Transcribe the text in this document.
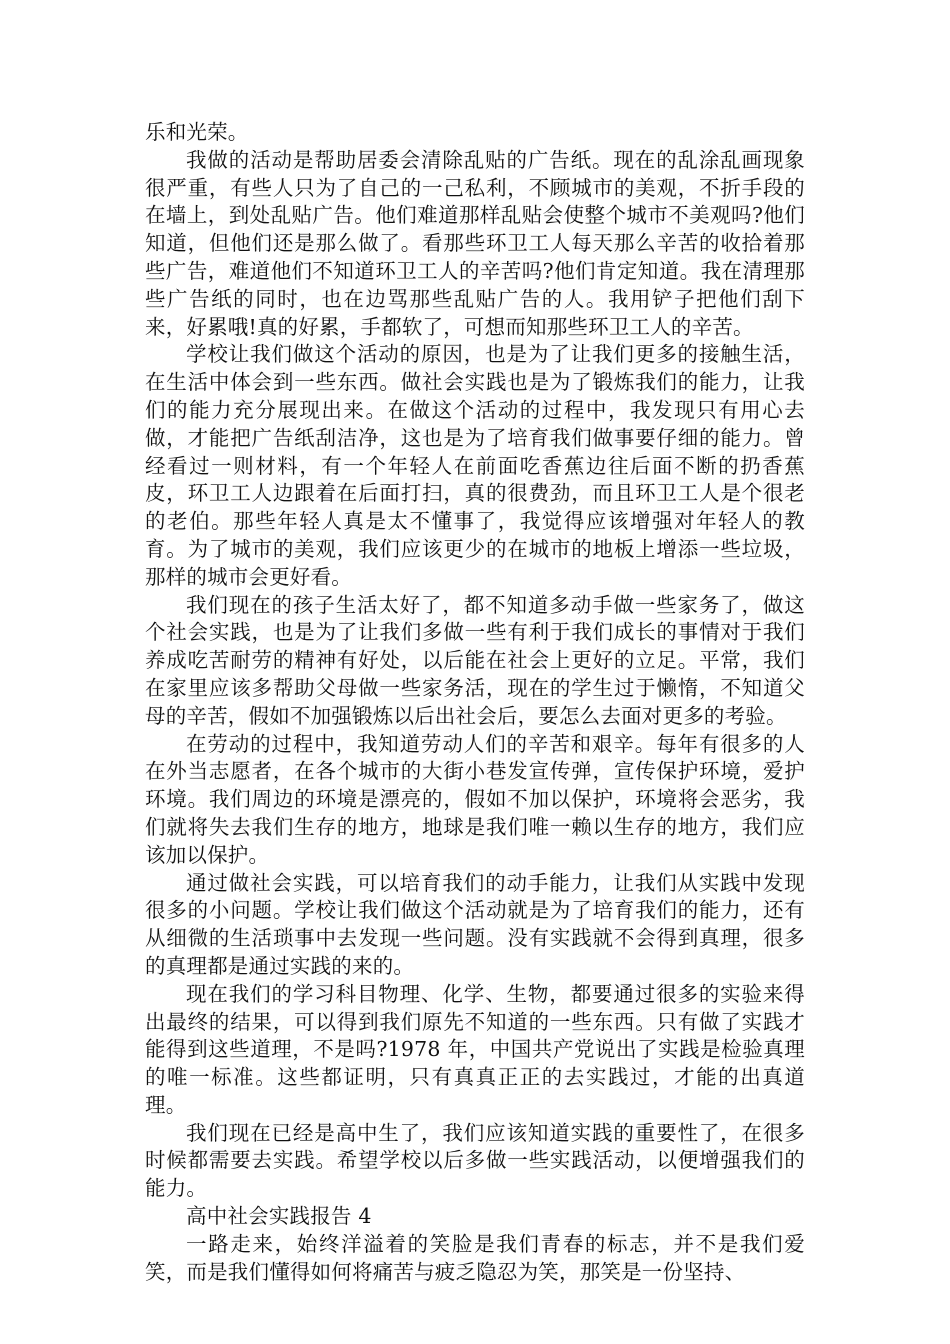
乐和光荣。

我做的活动是帮助居委会清除乱贴的广告纸。现在的乱涂乱画现象很严重，有些人只为了自己的一己私利，不顾城市的美观，不折手段的在墙上，到处乱贴广告。他们难道那样乱贴会使整个城市不美观吗?他们知道，但他们还是那么做了。看那些环卫工人每天那么辛苦的收拾着那些广告，难道他们不知道环卫工人的辛苦吗?他们肯定知道。我在清理那些广告纸的同时，也在边骂那些乱贴广告的人。我用铲子把他们刮下来，好累哦!真的好累，手都软了，可想而知那些环卫工人的辛苦。

学校让我们做这个活动的原因，也是为了让我们更多的接触生活，在生活中体会到一些东西。做社会实践也是为了锻炼我们的能力，让我们的能力充分展现出来。在做这个活动的过程中，我发现只有用心去做，才能把广告纸刮洁净，这也是为了培育我们做事要仔细的能力。曾经看过一则材料，有一个年轻人在前面吃香蕉边往后面不断的扔香蕉皮，环卫工人边跟着在后面打扫，真的很费劲，而且环卫工人是个很老的老伯。那些年轻人真是太不懂事了，我觉得应该增强对年轻人的教育。为了城市的美观，我们应该更少的在城市的地板上增添一些垃圾，那样的城市会更好看。

我们现在的孩子生活太好了，都不知道多动手做一些家务了，做这个社会实践，也是为了让我们多做一些有利于我们成长的事情对于我们养成吃苦耐劳的精神有好处，以后能在社会上更好的立足。平常，我们在家里应该多帮助父母做一些家务活，现在的学生过于懒惰，不知道父母的辛苦，假如不加强锻炼以后出社会后，要怎么去面对更多的考验。

在劳动的过程中，我知道劳动人们的辛苦和艰辛。每年有很多的人在外当志愿者，在各个城市的大街小巷发宣传弹，宣传保护环境，爱护环境。我们周边的环境是漂亮的，假如不加以保护，环境将会恶劣，我们就将失去我们生存的地方，地球是我们唯一赖以生存的地方，我们应该加以保护。

通过做社会实践，可以培育我们的动手能力，让我们从实践中发现很多的小问题。学校让我们做这个活动就是为了培育我们的能力，还有从细微的生活琐事中去发现一些问题。没有实践就不会得到真理，很多的真理都是通过实践的来的。

现在我们的学习科目物理、化学、生物，都要通过很多的实验来得出最终的结果，可以得到我们原先不知道的一些东西。只有做了实践才能得到这些道理，不是吗?1978 年，中国共产党说出了实践是检验真理的唯一标准。这些都证明，只有真真正正的去实践过，才能的出真道理。

我们现在已经是高中生了，我们应该知道实践的重要性了，在很多时候都需要去实践。希望学校以后多做一些实践活动，以便增强我们的能力。

高中社会实践报告 4

一路走来，始终洋溢着的笑脸是我们青春的标志，并不是我们爱笑，而是我们懂得如何将痛苦与疲乏隐忍为笑，那笑是一份坚持、
